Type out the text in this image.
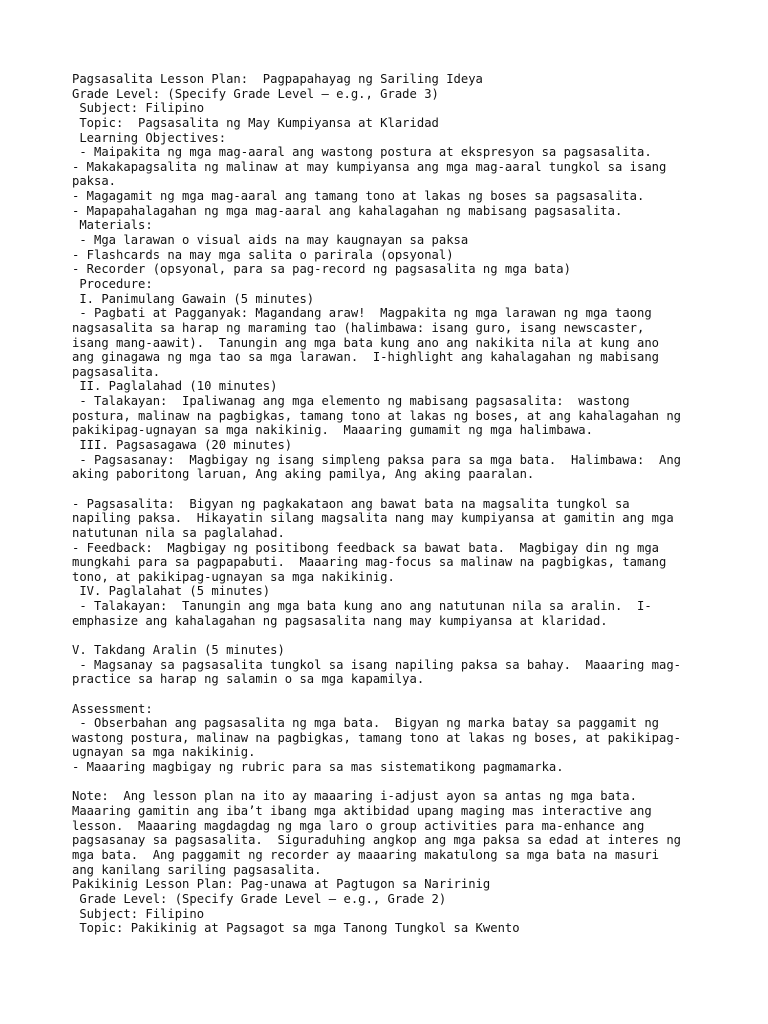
Pagsasalita Lesson Plan:  Pagpapahayag ng Sariling Ideya
Grade Level: (Specify Grade Level – e.g., Grade 3)
Subject: Filipino
Topic:  Pagsasalita ng May Kumpiyansa at Klaridad
Learning Objectives:
- Maipakita ng mga mag-aaral ang wastong postura at ekspresyon sa pagsasalita.
- Makakapagsalita ng malinaw at may kumpiyansa ang mga mag-aaral tungkol sa isang
paksa.
- Magagamit ng mga mag-aaral ang tamang tono at lakas ng boses sa pagsasalita.
- Mapapahalagahan ng mga mag-aaral ang kahalagahan ng mabisang pagsasalita.
Materials:
- Mga larawan o visual aids na may kaugnayan sa paksa
- Flashcards na may mga salita o parirala (opsyonal)
- Recorder (opsyonal, para sa pag-record ng pagsasalita ng mga bata)
Procedure:
I. Panimulang Gawain (5 minutes)
- Pagbati at Pagganyak: Magandang araw!  Magpakita ng mga larawan ng mga taong
nagsasalita sa harap ng maraming tao (halimbawa: isang guro, isang newscaster,
isang mang-aawit).  Tanungin ang mga bata kung ano ang nakikita nila at kung ano
ang ginagawa ng mga tao sa mga larawan.  I-highlight ang kahalagahan ng mabisang
pagsasalita.
II. Paglalahad (10 minutes)
- Talakayan:  Ipaliwanag ang mga elemento ng mabisang pagsasalita:  wastong
postura, malinaw na pagbigkas, tamang tono at lakas ng boses, at ang kahalagahan ng
pakikipag-ugnayan sa mga nakikinig.  Maaaring gumamit ng mga halimbawa.
III. Pagsasagawa (20 minutes)
- Pagsasanay:  Magbigay ng isang simpleng paksa para sa mga bata.  Halimbawa:  Ang
aking paboritong laruan, Ang aking pamilya, Ang aking paaralan.
- Pagsasalita:  Bigyan ng pagkakataon ang bawat bata na magsalita tungkol sa
napiling paksa.  Hikayatin silang magsalita nang may kumpiyansa at gamitin ang mga
natutunan nila sa paglalahad.
- Feedback:  Magbigay ng positibong feedback sa bawat bata.  Magbigay din ng mga
mungkahi para sa pagpapabuti.  Maaaring mag-focus sa malinaw na pagbigkas, tamang
tono, at pakikipag-ugnayan sa mga nakikinig.
IV. Paglalahat (5 minutes)
- Talakayan:  Tanungin ang mga bata kung ano ang natutunan nila sa aralin.  I-
emphasize ang kahalagahan ng pagsasalita nang may kumpiyansa at klaridad.
V. Takdang Aralin (5 minutes)
- Magsanay sa pagsasalita tungkol sa isang napiling paksa sa bahay.  Maaaring mag-
practice sa harap ng salamin o sa mga kapamilya.
Assessment:
- Obserbahan ang pagsasalita ng mga bata.  Bigyan ng marka batay sa paggamit ng
wastong postura, malinaw na pagbigkas, tamang tono at lakas ng boses, at pakikipag-
ugnayan sa mga nakikinig.
- Maaaring magbigay ng rubric para sa mas sistematikong pagmamarka.
Note:  Ang lesson plan na ito ay maaaring i-adjust ayon sa antas ng mga bata.
Maaaring gamitin ang iba’t ibang mga aktibidad upang maging mas interactive ang
lesson.  Maaaring magdagdag ng mga laro o group activities para ma-enhance ang
pagsasanay sa pagsasalita.  Siguraduhing angkop ang mga paksa sa edad at interes ng
mga bata.  Ang paggamit ng recorder ay maaaring makatulong sa mga bata na masuri
ang kanilang sariling pagsasalita.
Pakikinig Lesson Plan: Pag-unawa at Pagtugon sa Naririnig
Grade Level: (Specify Grade Level – e.g., Grade 2)
Subject: Filipino
Topic: Pakikinig at Pagsagot sa mga Tanong Tungkol sa Kwento
